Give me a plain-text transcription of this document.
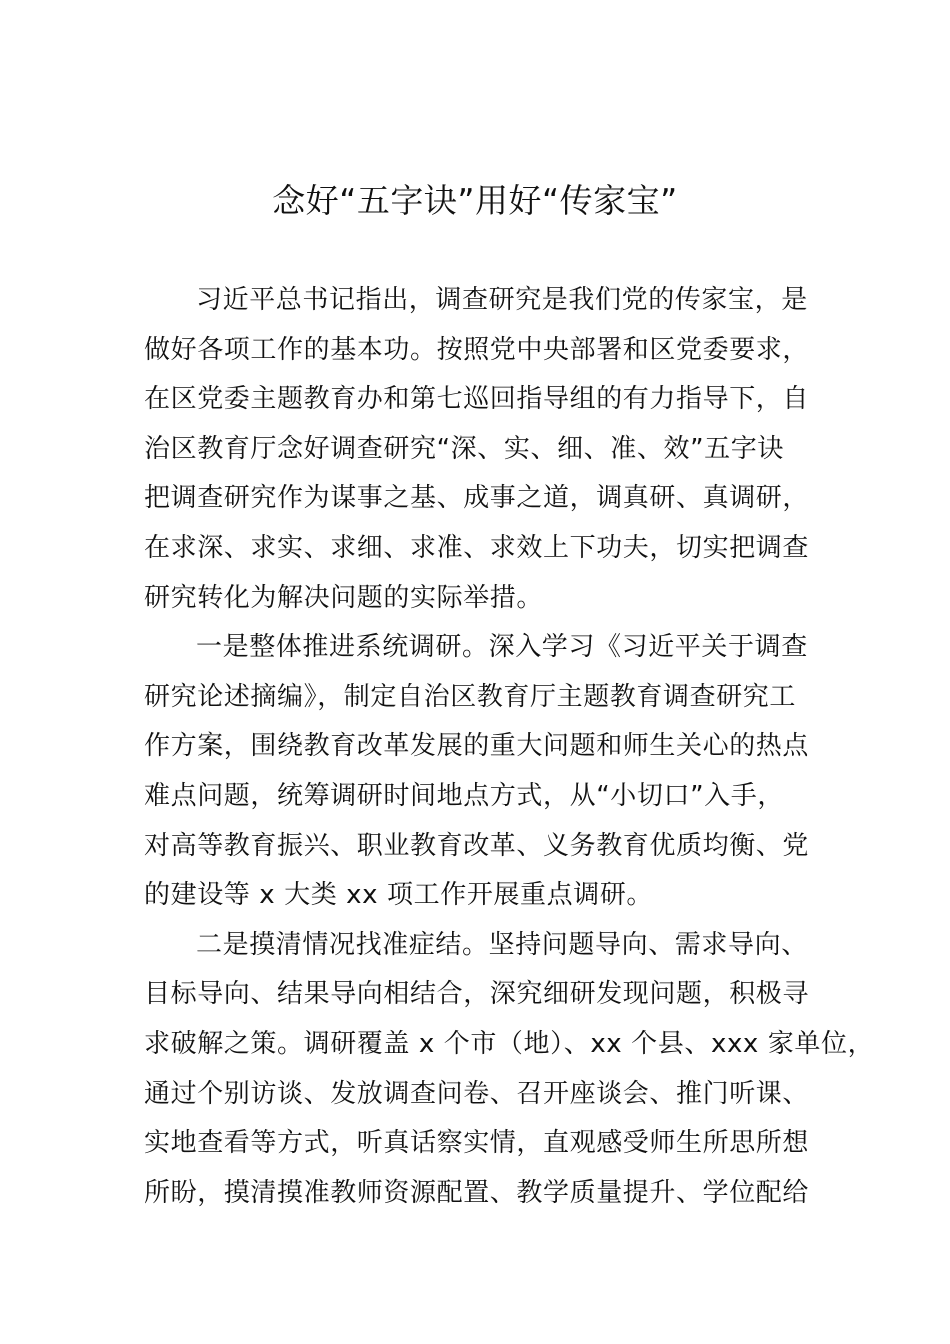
念好“五字诀”用好“传家宝”

习近平总书记指出，调查研究是我们党的传家宝，是
做好各项工作的基本功。按照党中央部署和区党委要求，
在区党委主题教育办和第七巡回指导组的有力指导下，自
治区教育厅念好调查研究“深、实、细、准、效”五字诀
把调查研究作为谋事之基、成事之道，调真研、真调研，
在求深、求实、求细、求准、求效上下功夫，切实把调查
研究转化为解决问题的实际举措。

一是整体推进系统调研。深入学习《习近平关于调查
研究论述摘编》，制定自治区教育厅主题教育调查研究工
作方案，围绕教育改革发展的重大问题和师生关心的热点
难点问题，统筹调研时间地点方式，从“小切口”入手，
对高等教育振兴、职业教育改革、义务教育优质均衡、党
的建设等 x 大类 xx 项工作开展重点调研。

二是摸清情况找准症结。坚持问题导向、需求导向、
目标导向、结果导向相结合，深究细研发现问题，积极寻
求破解之策。调研覆盖 x 个市（地）、xx 个县、xxx 家单位，
通过个别访谈、发放调查问卷、召开座谈会、推门听课、
实地查看等方式，听真话察实情，直观感受师生所思所想
所盼，摸清摸准教师资源配置、教学质量提升、学位配给
